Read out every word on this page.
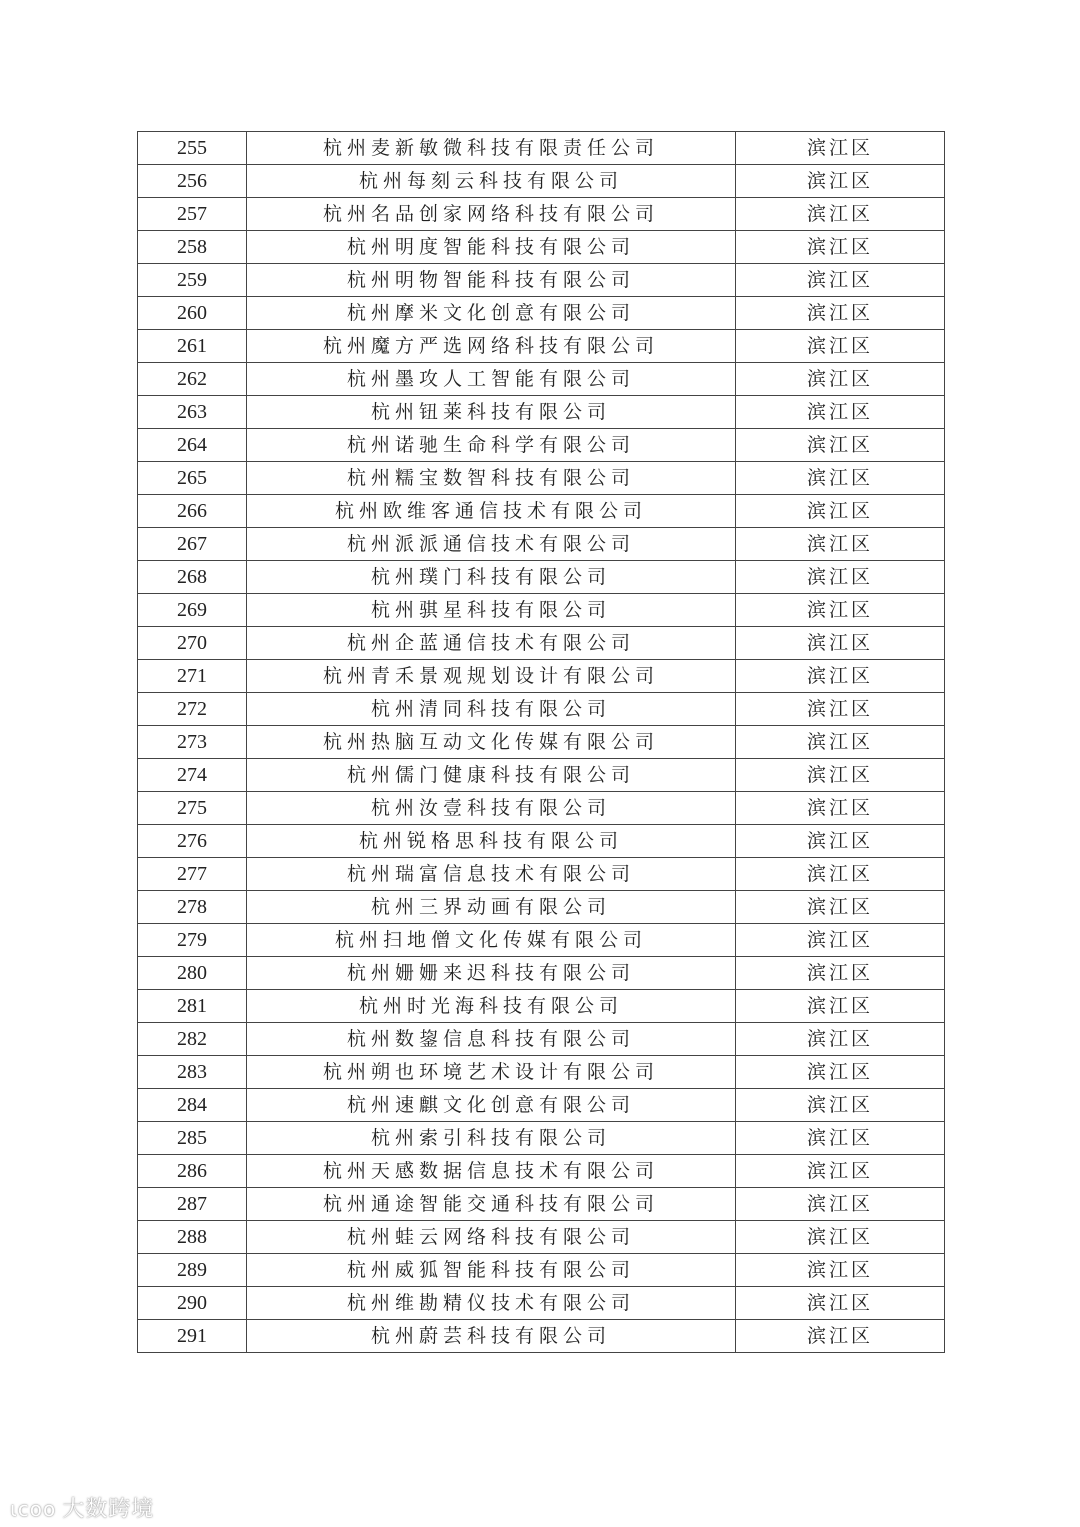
255	杭州麦新敏微科技有限责任公司	滨江区
256	杭州每刻云科技有限公司	滨江区
257	杭州名品创家网络科技有限公司	滨江区
258	杭州明度智能科技有限公司	滨江区
259	杭州明物智能科技有限公司	滨江区
260	杭州摩米文化创意有限公司	滨江区
261	杭州魔方严选网络科技有限公司	滨江区
262	杭州墨攻人工智能有限公司	滨江区
263	杭州钮莱科技有限公司	滨江区
264	杭州诺驰生命科学有限公司	滨江区
265	杭州糯宝数智科技有限公司	滨江区
266	杭州欧维客通信技术有限公司	滨江区
267	杭州派派通信技术有限公司	滨江区
268	杭州璞门科技有限公司	滨江区
269	杭州骐星科技有限公司	滨江区
270	杭州企蓝通信技术有限公司	滨江区
271	杭州青禾景观规划设计有限公司	滨江区
272	杭州清同科技有限公司	滨江区
273	杭州热脑互动文化传媒有限公司	滨江区
274	杭州儒门健康科技有限公司	滨江区
275	杭州汝壹科技有限公司	滨江区
276	杭州锐格思科技有限公司	滨江区
277	杭州瑞富信息技术有限公司	滨江区
278	杭州三界动画有限公司	滨江区
279	杭州扫地僧文化传媒有限公司	滨江区
280	杭州姗姗来迟科技有限公司	滨江区
281	杭州时光海科技有限公司	滨江区
282	杭州数鋆信息科技有限公司	滨江区
283	杭州朔也环境艺术设计有限公司	滨江区
284	杭州速麒文化创意有限公司	滨江区
285	杭州索引科技有限公司	滨江区
286	杭州天感数据信息技术有限公司	滨江区
287	杭州通途智能交通科技有限公司	滨江区
288	杭州蛙云网络科技有限公司	滨江区
289	杭州威狐智能科技有限公司	滨江区
290	杭州维勘精仪技术有限公司	滨江区
291	杭州蔚芸科技有限公司	滨江区
ιcoo 大数跨境
